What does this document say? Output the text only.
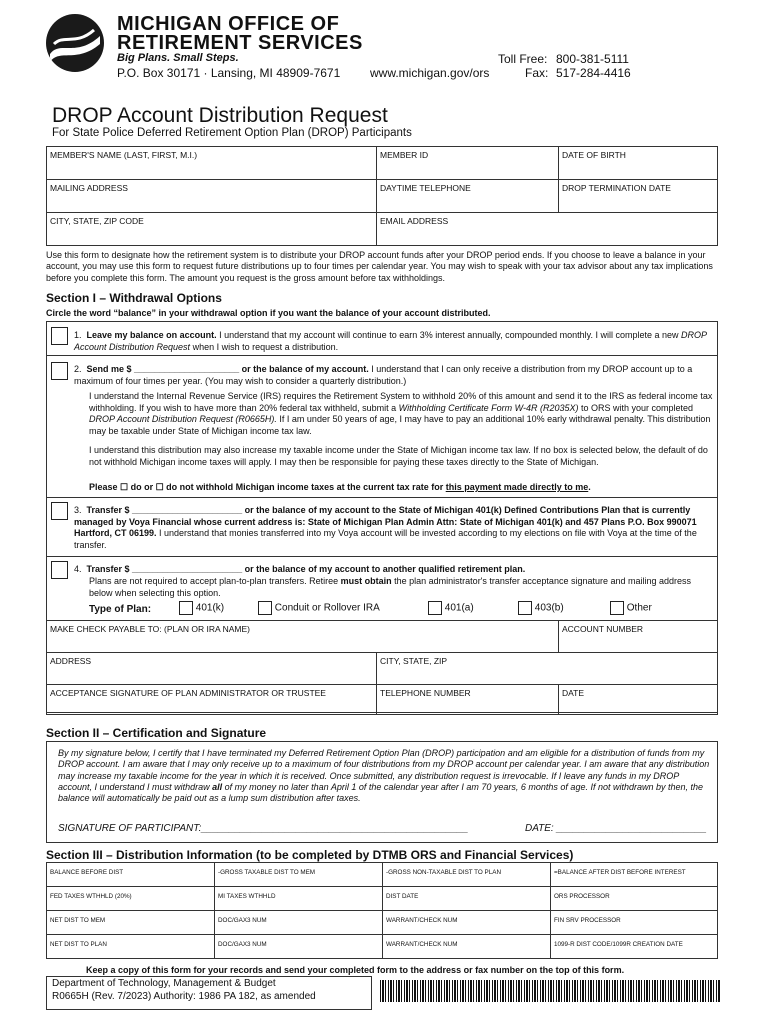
MICHIGAN OFFICE OF
RETIREMENT SERVICES
Big Plans. Small Steps.
P.O. Box 30171 · Lansing, MI 48909-7671 www.michigan.gov/ors
Toll Free: 800-381-5111
Fax: 517-284-4416
DROP Account Distribution Request
For State Police Deferred Retirement Option Plan (DROP) Participants
MEMBER'S NAME (LAST, FIRST, M.I.)	MEMBER ID	DATE OF BIRTH
MAILING ADDRESS	DAYTIME TELEPHONE	DROP TERMINATION DATE
CITY, STATE, ZIP CODE	EMAIL ADDRESS	
Use this form to designate how the retirement system is to distribute your DROP account funds after your DROP period ends. If you choose to leave a balance in your account, you may use this form to request future distributions up to four times per calendar year. You may wish to speak with your tax advisor about any tax implications before you complete this form. The amount you request is the gross amount before tax withholdings.
Section I – Withdrawal Options
Circle the word “balance” in your withdrawal option if you want the balance of your account distributed.
1. Leave my balance on account. I understand that my account will continue to earn 3% interest annually, compounded monthly. I will complete a new DROP Account Distribution Request when I wish to request a distribution.
2. Send me $ _____________________ or the balance of my account. I understand that I can only receive a distribution from my DROP account up to a maximum of four times per year. (You may wish to consider a quarterly distribution.)
I understand the Internal Revenue Service (IRS) requires the Retirement System to withhold 20% of this amount and send it to the IRS as federal income tax withholding. If you wish to have more than 20% federal tax withheld, submit a Withholding Certificate Form W-4R (R2035X) to ORS with your completed DROP Account Distribution Request (R0665H). If I am under 50 years of age, I may have to pay an additional 10% early withdrawal penalty. This distribution may be taxable under State of Michigan income tax law.
I understand this distribution may also increase my taxable income under the State of Michigan income tax law. If no box is selected below, the default of do not withhold Michigan income taxes will apply. I may then be responsible for paying these taxes directly to the State of Michigan.
Please ☐ do or ☐ do not withhold Michigan income taxes at the current tax rate for this payment made directly to me.
3. Transfer $ ______________________ or the balance of my account to the State of Michigan 401(k) Defined Contributions Plan that is currently managed by Voya Financial whose current address is: State of Michigan Plan Admin Attn: State of Michigan 401(k) and 457 Plans P.O. Box 990071 Hartford, CT 06199. I understand that monies transferred into my Voya account will be invested according to my elections on file with Voya at the time of the transfer.
4. Transfer $ ______________________ or the balance of my account to another qualified retirement plan.
Plans are not required to accept plan-to-plan transfers. Retiree must obtain the plan administrator's transfer acceptance signature and mailing address below when selecting this option.
Type of Plan:	401(k)	Conduit or Rollover IRA	401(a)	403(b)	Other
MAKE CHECK PAYABLE TO: (PLAN OR IRA NAME)		ACCOUNT NUMBER
ADDRESS	CITY, STATE, ZIP	
ACCEPTANCE SIGNATURE OF PLAN ADMINISTRATOR OR TRUSTEE	TELEPHONE NUMBER	DATE
Section II – Certification and Signature
By my signature below, I certify that I have terminated my Deferred Retirement Option Plan (DROP) participation and am eligible for a distribution of funds from my DROP account. I am aware that I may only receive up to a maximum of four distributions from my DROP account per calendar year. I am aware that any distribution may increase my taxable income for the year in which it is received. Once submitted, any distribution request is irrevocable. If I leave any funds in my DROP account, I understand I must withdraw all of my money no later than April 1 of the calendar year after I am 70 years, 6 months of age. If not withdrawn by then, the balance will automatically be paid out as a lump sum distribution after taxes.
SIGNATURE OF PARTICIPANT:________________________________________________	DATE: ___________________________
Section III – Distribution Information (to be completed by DTMB ORS and Financial Services)
BALANCE BEFORE DIST	-GROSS TAXABLE DIST TO MEM	-GROSS NON-TAXABLE DIST TO PLAN	=BALANCE AFTER DIST BEFORE INTEREST
FED TAXES WTHHLD (20%)	MI TAXES WTHHLD	DIST DATE	ORS PROCESSOR
NET DIST TO MEM	DOC/GAX3 NUM	WARRANT/CHECK NUM	FIN SRV PROCESSOR
NET DIST TO PLAN	DOC/GAX3 NUM	WARRANT/CHECK NUM	1099-R DIST CODE/1099R CREATION DATE
Keep a copy of this form for your records and send your completed form to the address or fax number on the top of this form.
Department of Technology, Management & Budget
R0665H (Rev. 7/2023) Authority: 1986 PA 182, as amended
